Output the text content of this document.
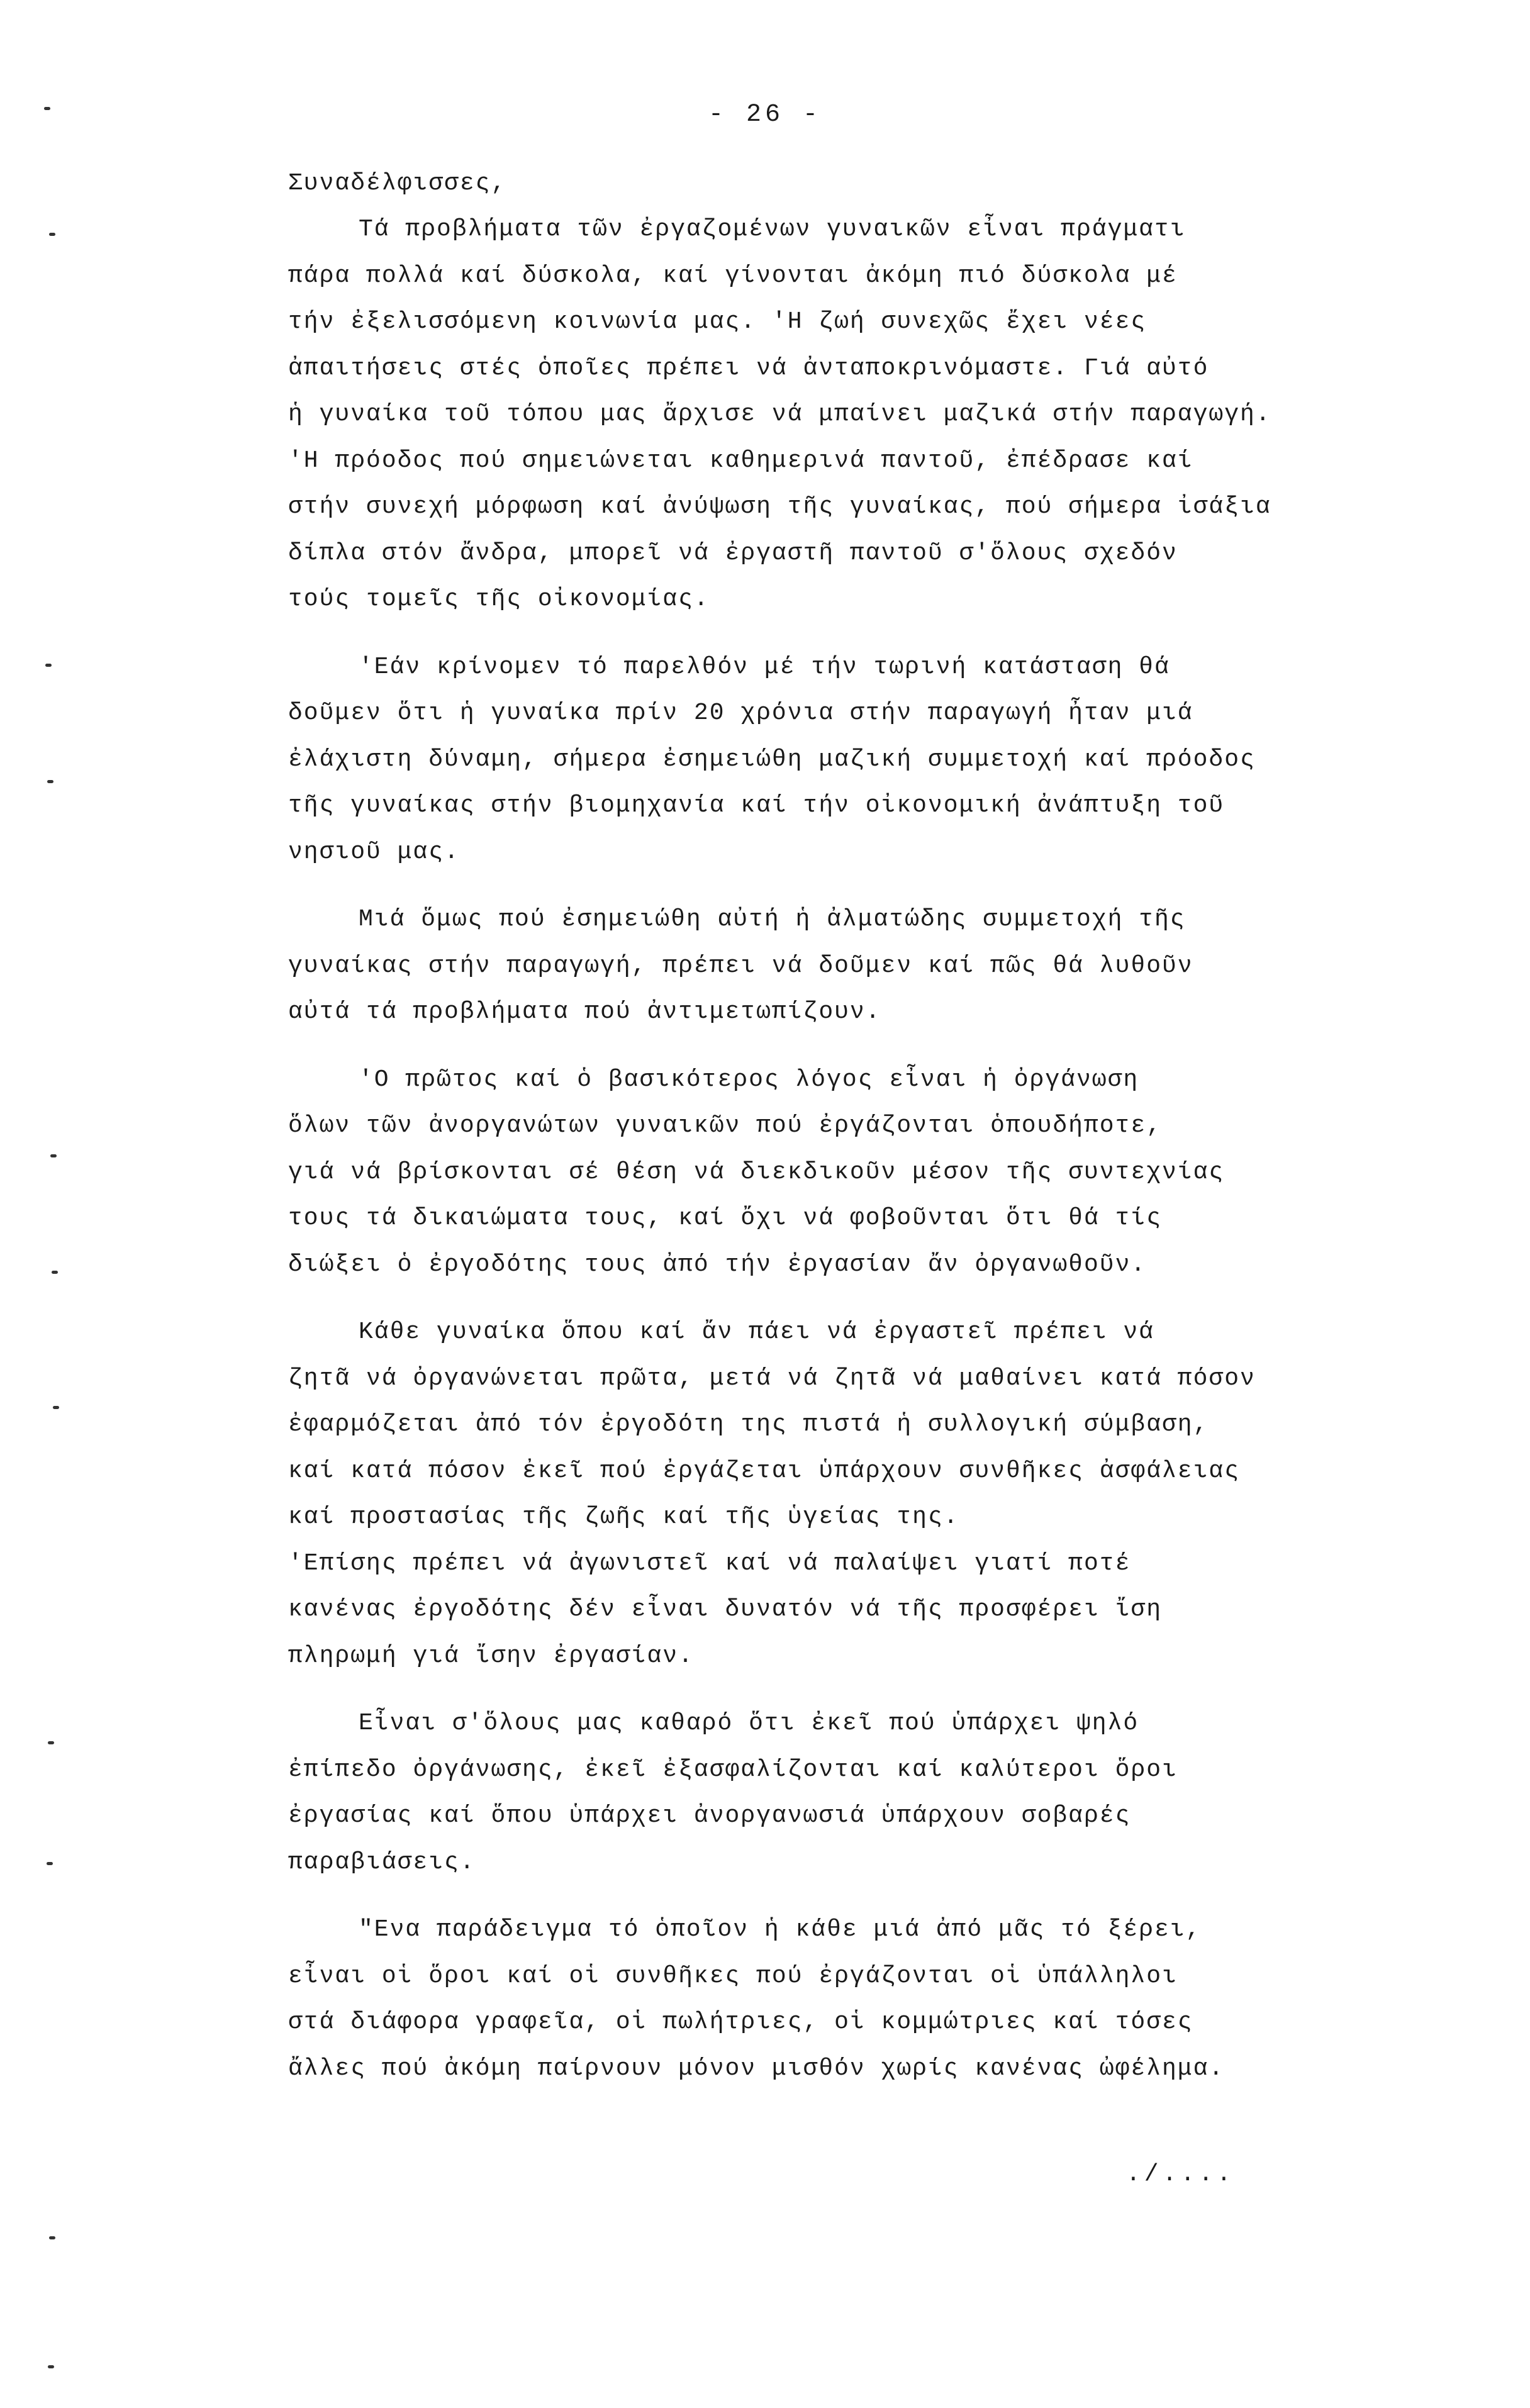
- 26 -
Συναδέλφισσες,
Τά προβλήματα τῶν ἐργαζομένων γυναικῶν εἶναι πράγματι
πάρα πολλά καί δύσκολα, καί γίνονται ἀκόμη πιό δύσκολα μέ
τήν ἐξελισσόμενη κοινωνία μας. 'Η ζωή συνεχῶς ἔχει νέες
ἀπαιτήσεις στές ὁποῖες πρέπει νά ἀνταποκρινόμαστε. Γιά αὐτό
ἡ γυναίκα τοῦ τόπου μας ἄρχισε νά μπαίνει μαζικά στήν παραγωγή.
'Η πρόοδος πού σημειώνεται καθημερινά παντοῦ, ἐπέδρασε καί
στήν συνεχή μόρφωση καί ἀνύψωση τῆς γυναίκας, πού σήμερα ἰσάξια
δίπλα στόν ἄνδρα, μπορεῖ νά ἐργαστῆ παντοῦ σ'ὅλους σχεδόν
τούς τομεῖς τῆς οἰκονομίας.
'Εάν κρίνομεν τό παρελθόν μέ τήν τωρινή κατάσταση θά
δοῦμεν ὅτι ἡ γυναίκα πρίν 20 χρόνια στήν παραγωγή ἦταν μιά
ἐλάχιστη δύναμη, σήμερα ἐσημειώθη μαζική συμμετοχή καί πρόοδος
τῆς γυναίκας στήν βιομηχανία καί τήν οἰκονομική ἀνάπτυξη τοῦ
νησιοῦ μας.
Μιά ὅμως πού ἐσημειώθη αὐτή ἡ ἀλματώδης συμμετοχή τῆς
γυναίκας στήν παραγωγή, πρέπει νά δοῦμεν καί πῶς θά λυθοῦν
αὐτά τά προβλήματα πού ἀντιμετωπίζουν.
'Ο πρῶτος καί ὁ βασικότερος λόγος εἶναι ἡ ὀργάνωση
ὅλων τῶν ἀνοργανώτων γυναικῶν πού ἐργάζονται ὁπουδήποτε,
γιά νά βρίσκονται σέ θέση νά διεκδικοῦν μέσον τῆς συντεχνίας
τους τά δικαιώματα τους, καί ὄχι νά φοβοῦνται ὅτι θά τίς
διώξει ὁ ἐργοδότης τους ἀπό τήν ἐργασίαν ἄν ὀργανωθοῦν.
Κάθε γυναίκα ὅπου καί ἄν πάει νά ἐργαστεῖ πρέπει νά
ζητᾶ νά ὀργανώνεται πρῶτα, μετά νά ζητᾶ νά μαθαίνει κατά πόσον
ἐφαρμόζεται ἀπό τόν ἐργοδότη της πιστά ἡ συλλογική σύμβαση,
καί κατά πόσον ἐκεῖ πού ἐργάζεται ὑπάρχουν συνθῆκες ἀσφάλειας
καί προστασίας τῆς ζωῆς καί τῆς ὑγείας της.
'Επίσης πρέπει νά ἀγωνιστεῖ καί νά παλαίψει γιατί ποτέ
κανένας ἐργοδότης δέν εἶναι δυνατόν νά τῆς προσφέρει ἴση
πληρωμή γιά ἴσην ἐργασίαν.
Εἶναι σ'ὅλους μας καθαρό ὅτι ἐκεῖ πού ὑπάρχει ψηλό
ἐπίπεδο ὀργάνωσης, ἐκεῖ ἐξασφαλίζονται καί καλύτεροι ὅροι
ἐργασίας καί ὅπου ὑπάρχει ἀνοργανωσιά ὑπάρχουν σοβαρές
παραβιάσεις.
"Ενα παράδειγμα τό ὁποῖον ἡ κάθε μιά ἀπό μᾶς τό ξέρει,
εἶναι οἱ ὅροι καί οἱ συνθῆκες πού ἐργάζονται οἱ ὑπάλληλοι
στά διάφορα γραφεῖα, οἱ πωλήτριες, οἱ κομμώτριες καί τόσες
ἄλλες πού ἀκόμη παίρνουν μόνον μισθόν χωρίς κανένας ὠφέλημα.
./....
